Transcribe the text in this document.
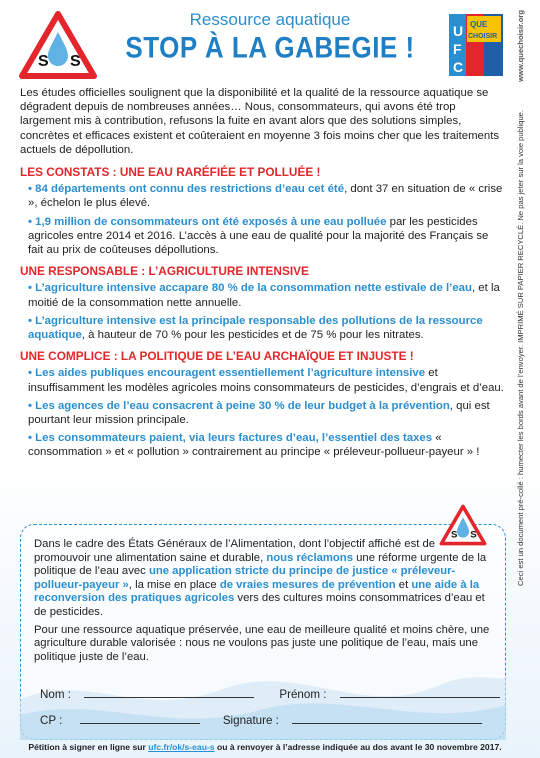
S S
Ressource aquatique
STOP À LA GABEGIE !	U
F
C
QUE
CHOISIR www.quechoisir.org
Ceci est un document pré-collé : humecter les bords avant de l’envoyer. IMPRIMÉ SUR PAPIER RECYCLÉ. Ne pas jeter sur la voie publique.

Les études officielles soulignent que la disponibilité et la qualité de la ressource aquatique se dégradent depuis de nombreuses années… Nous, consommateurs, qui avons été trop largement mis à contribution, refusons la fuite en avant alors que des solutions simples, concrètes et efficaces existent et coûteraient en moyenne 3 fois moins cher que les traitements actuels de dépollution.

LES CONSTATS : UNE EAU RARÉFIÉE ET POLLUÉE !
• 84 départements ont connu des restrictions d’eau cet été, dont 37 en situation de « crise », échelon le plus élevé.
• 1,9 million de consommateurs ont été exposés à une eau polluée par les pesticides agricoles entre 2014 et 2016. L’accès à une eau de qualité pour la majorité des Français se fait au prix de coûteuses dépollutions.
UNE RESPONSABLE : L’AGRICULTURE INTENSIVE
• L’agriculture intensive accapare 80 % de la consommation nette estivale de l’eau, et la moitié de la consommation nette annuelle.
• L’agriculture intensive est la principale responsable des pollutions de la ressource aquatique, à hauteur de 70 % pour les pesticides et de 75 % pour les nitrates.
UNE COMPLICE : LA POLITIQUE DE L’EAU ARCHAÏQUE ET INJUSTE !
• Les aides publiques encouragent essentiellement l’agriculture intensive et insuffisamment les modèles agricoles moins consommateurs de pesticides, d’engrais et d’eau.
• Les agences de l’eau consacrent à peine 30 % de leur budget à la prévention, qui est pourtant leur mission principale.
• Les consommateurs paient, via leurs factures d’eau, l’essentiel des taxes « consommation » et « pollution » contrairement au principe « préleveur-pollueur-payeur » !
S S

Dans le cadre des États Généraux de l’Alimentation, dont l’objectif affiché est de promouvoir une alimentation saine et durable, nous réclamons une réforme urgente de la politique de l’eau avec une application stricte du principe de justice « préleveur-pollueur-payeur », la mise en place de vraies mesures de prévention et une aide à la reconversion des pratiques agricoles vers des cultures moins consommatrices d’eau et de pesticides.

Pour une ressource aquatique préservée, une eau de meilleure qualité et moins chère, une agriculture durable valorisée : nous ne voulons pas juste une politique de l’eau, mais une politique juste de l’eau.

Nom :	Prénom :
CP :	Signature :
Pétition à signer en ligne sur ufc.fr/ok/s-eau-s ou à renvoyer à l’adresse indiquée au dos avant le 30 novembre 2017.
